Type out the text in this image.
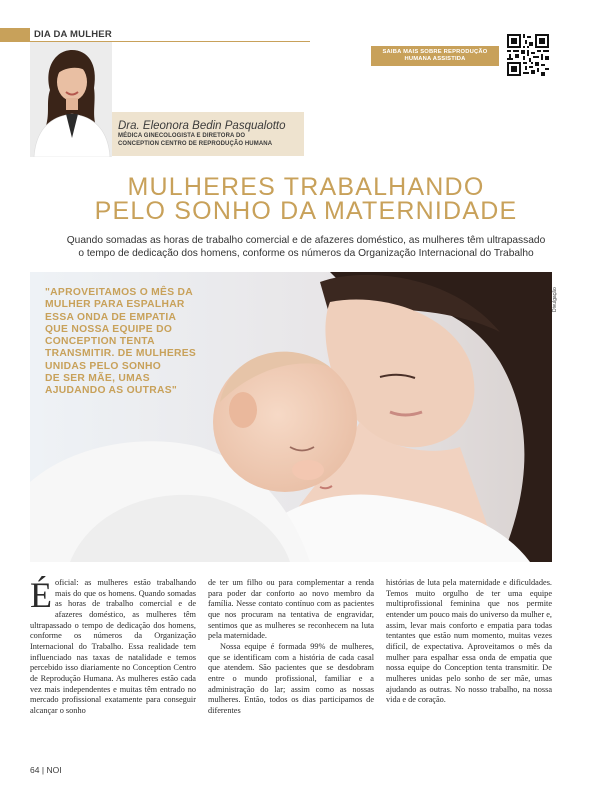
DIA DA MULHER
Dra. Eleonora Bedin Pasqualotto
MÉDICA GINECOLOGISTA E DIRETORA DO
CONCEPTION CENTRO DE REPRODUÇÃO HUMANA
SAIBA MAIS SOBRE REPRODUÇÃO
HUMANA ASSISTIDA
MULHERES TRABALHANDO
PELO SONHO DA MATERNIDADE
Quando somadas as horas de trabalho comercial e de afazeres doméstico, as mulheres têm ultrapassado
o tempo de dedicação dos homens, conforme os números da Organização Internacional do Trabalho
Divulgação
"APROVEITAMOS O MÊS DA
MULHER PARA ESPALHAR
ESSA ONDA DE EMPATIA
QUE NOSSA EQUIPE DO
CONCEPTION TENTA
TRANSMITIR. DE MULHERES
UNIDAS PELO SONHO
DE SER MÃE, UMAS
AJUDANDO AS OUTRAS"
É oficial: as mulheres estão trabalhando mais do que os homens. Quando somadas as horas de trabalho comercial e de afazeres doméstico, as mulheres têm ultrapassado o tempo de dedicação dos homens, conforme os números da Organização Internacional do Trabalho. Essa realidade tem influenciado nas taxas de natalidade e temos percebido isso diariamente no Conception Centro de Reprodução Humana. As mulheres estão cada vez mais independentes e muitas têm entrado no mercado profissional exatamente para conseguir alcançar o sonho
de ter um filho ou para complementar a renda para poder dar conforto ao novo membro da família. Nesse contato contínuo com as pacientes que nos procuram na tentativa de engravidar, sentimos que as mulheres se reconhecem na luta pela maternidade.
Nossa equipe é formada 99% de mulheres, que se identificam com a história de cada casal que atendem. São pacientes que se desdobram entre o mundo profissional, familiar e a administração do lar; assim como as nossas mulheres. Então, todos os dias participamos de diferentes
histórias de luta pela maternidade e dificuldades. Temos muito orgulho de ter uma equipe multiprofissional feminina que nos permite entender um pouco mais do universo da mulher e, assim, levar mais conforto e empatia para todas tentantes que estão num momento, muitas vezes difícil, de expectativa. Aproveitamos o mês da mulher para espalhar essa onda de empatia que nossa equipe do Conception tenta transmitir. De mulheres unidas pelo sonho de ser mãe, umas ajudando as outras. No nosso trabalho, na nossa vida e de coração.
64 | NOI
